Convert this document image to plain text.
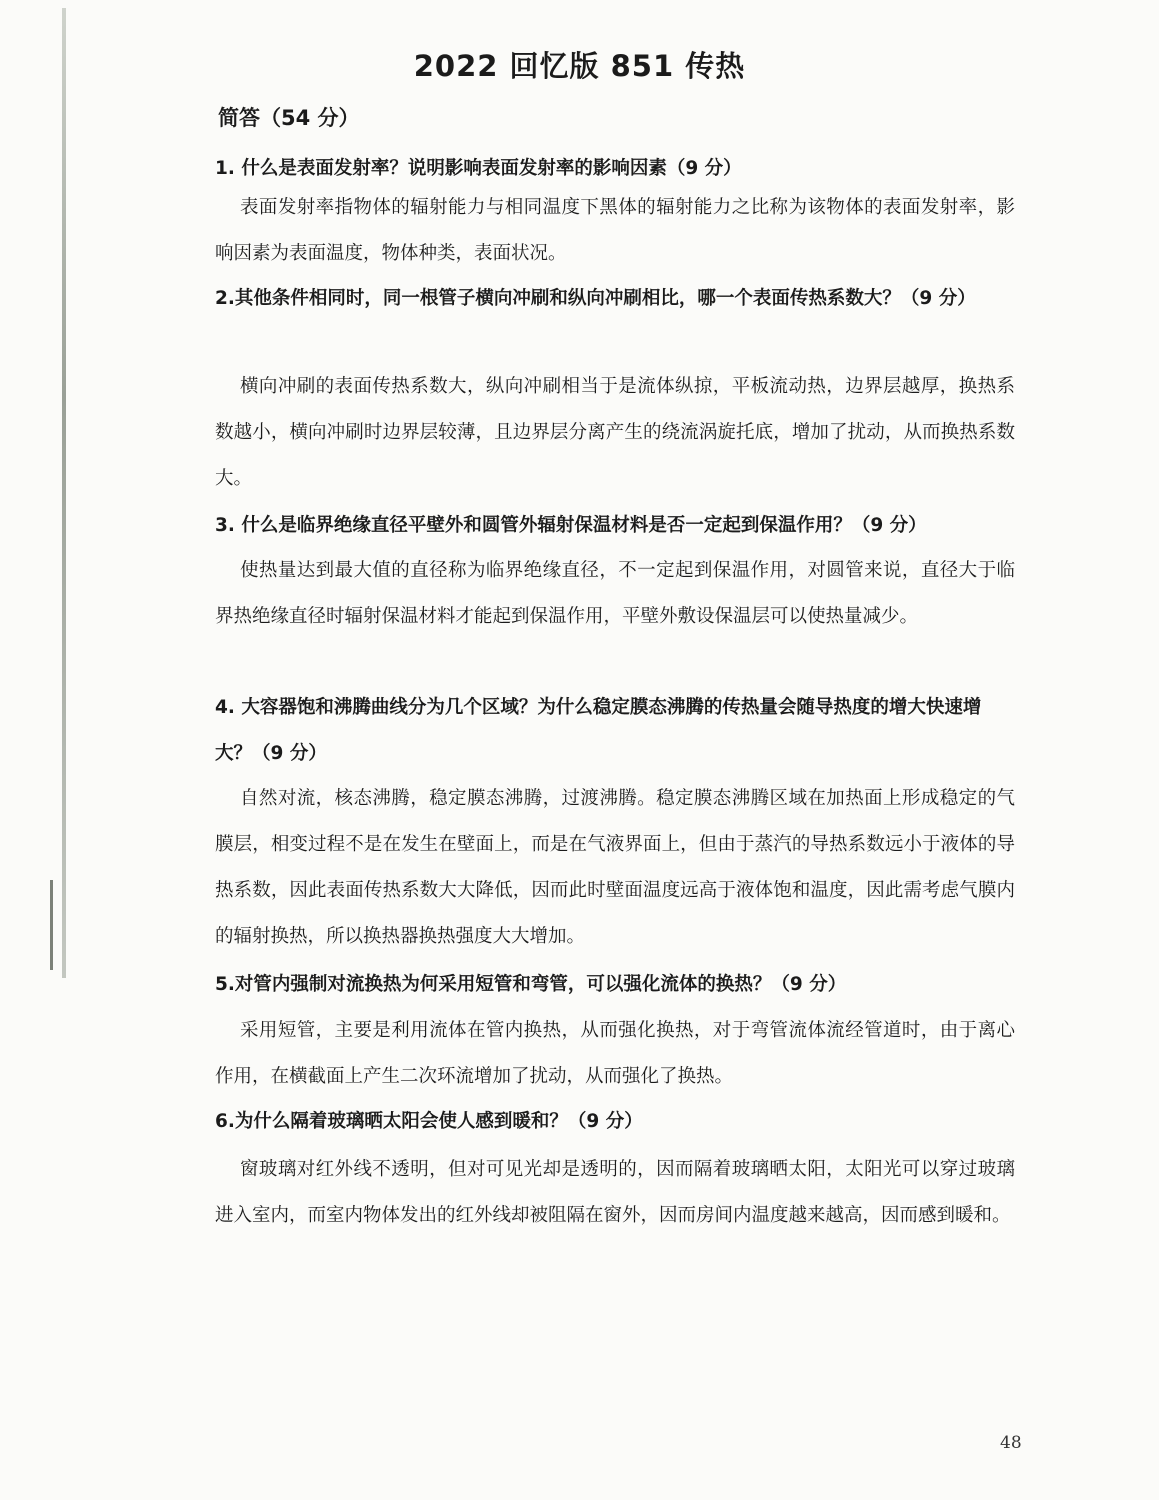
2022 回忆版 851 传热
简答（54 分）
1. 什么是表面发射率？说明影响表面发射率的影响因素（9 分）
表面发射率指物体的辐射能力与相同温度下黑体的辐射能力之比称为该物体的表面发射率，影响因素为表面温度，物体种类，表面状况。
2.其他条件相同时，同一根管子横向冲刷和纵向冲刷相比，哪一个表面传热系数大？（9 分）
横向冲刷的表面传热系数大，纵向冲刷相当于是流体纵掠，平板流动热，边界层越厚，换热系数越小，横向冲刷时边界层较薄，且边界层分离产生的绕流涡旋托底，增加了扰动，从而换热系数大。
3. 什么是临界绝缘直径平壁外和圆管外辐射保温材料是否一定起到保温作用？（9 分）
使热量达到最大值的直径称为临界绝缘直径，不一定起到保温作用，对圆管来说，直径大于临界热绝缘直径时辐射保温材料才能起到保温作用，平壁外敷设保温层可以使热量减少。
4. 大容器饱和沸腾曲线分为几个区域？为什么稳定膜态沸腾的传热量会随导热度的增大快速增大？（9 分）
自然对流，核态沸腾，稳定膜态沸腾，过渡沸腾。稳定膜态沸腾区域在加热面上形成稳定的气膜层，相变过程不是在发生在壁面上，而是在气液界面上，但由于蒸汽的导热系数远小于液体的导热系数，因此表面传热系数大大降低，因而此时壁面温度远高于液体饱和温度，因此需考虑气膜内的辐射换热，所以换热器换热强度大大增加。
5.对管内强制对流换热为何采用短管和弯管，可以强化流体的换热？（9 分）
采用短管，主要是利用流体在管内换热，从而强化换热，对于弯管流体流经管道时，由于离心作用，在横截面上产生二次环流增加了扰动，从而强化了换热。
6.为什么隔着玻璃晒太阳会使人感到暖和？（9 分）
窗玻璃对红外线不透明，但对可见光却是透明的，因而隔着玻璃晒太阳，太阳光可以穿过玻璃进入室内，而室内物体发出的红外线却被阻隔在窗外，因而房间内温度越来越高，因而感到暖和。
48
